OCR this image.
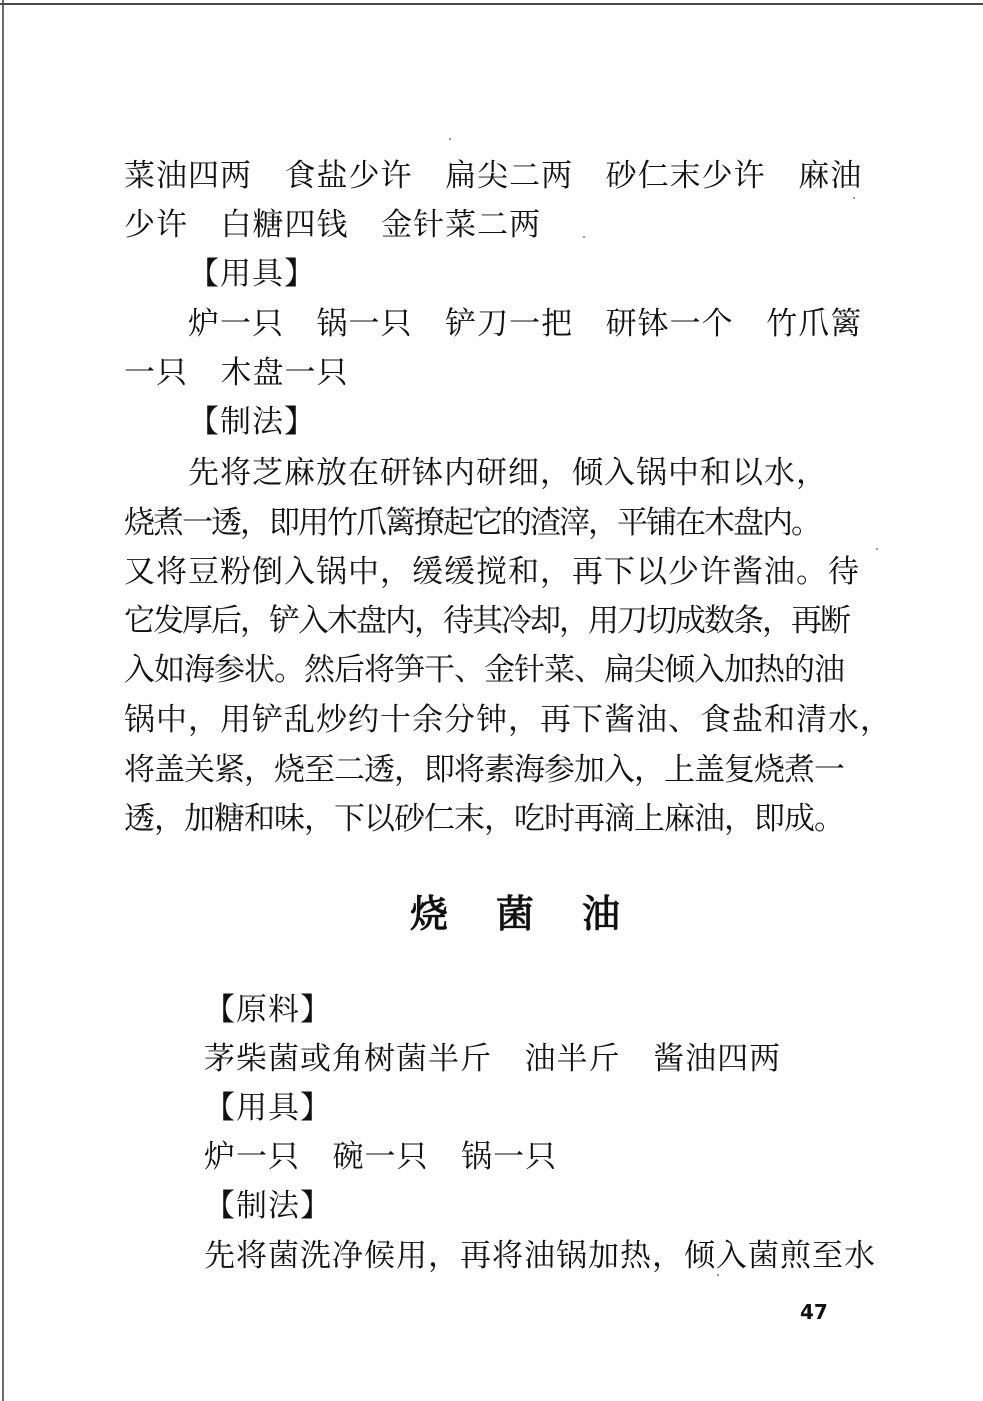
菜油四两   食盐少许   扁尖二两   砂仁末少许   麻油
少许   白糖四钱   金针菜二两
【用具】
炉一只   锅一只   铲刀一把   研钵一个   竹爪篱
一只   木盘一只
【制法】
先将芝麻放在研钵内研细，倾入锅中和以水，
烧煮一透，即用竹爪篱撩起它的渣滓，平铺在木盘内。
又将豆粉倒入锅中，缓缓搅和，再下以少许酱油。待
它发厚后，铲入木盘内，待其冷却，用刀切成数条，再断
入如海参状。然后将笋干、金针菜、扁尖倾入加热的油
锅中，用铲乱炒约十余分钟，再下酱油、食盐和清水，
将盖关紧，烧至二透，即将素海参加入，上盖复烧煮一
透，加糖和味，下以砂仁末，吃时再滴上麻油，即成。
烧菌油
【原料】
茅柴菌或角树菌半斤   油半斤   酱油四两
【用具】
炉一只   碗一只   锅一只
【制法】
先将菌洗净候用，再将油锅加热，倾入菌煎至水
47
